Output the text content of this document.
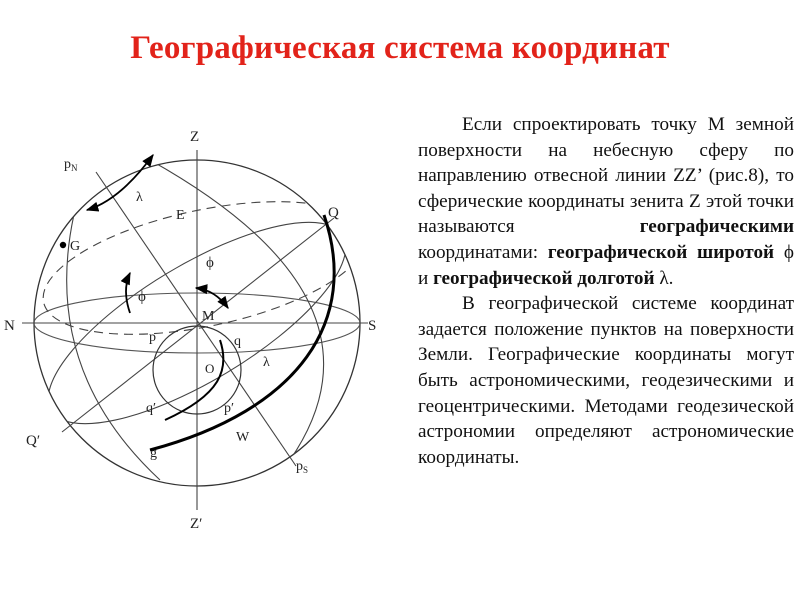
Географическая система координат
Z
Z′
N	S
Q
Q′
E
W
M
O
G
$p_N$
$p_S$
p	q
p′
q′
g
λ
λ
ϕ
ϕ

Если спроектировать точку M земной поверхности на небесную сферу по направлению отвесной линии ZZ’ (рис.8), то сферические координаты зенита Z этой точки называются географическими координатами: географической широтой ϕ и географической долготой λ.

В географической системе координат задается положение пунктов на поверхности Земли. Географические координаты могут быть астрономическими, геодезическими и геоцентрическими. Методами геодезической астрономии определяют астрономические координаты.
